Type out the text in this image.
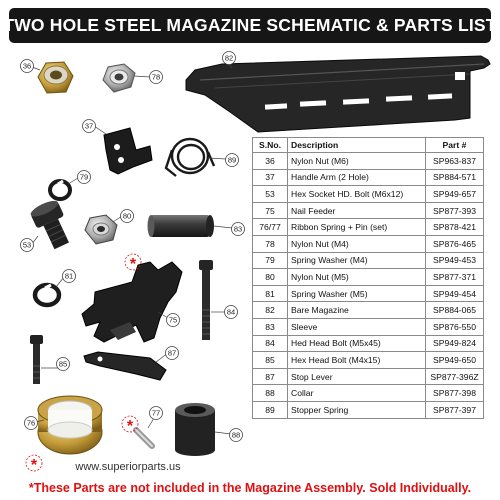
TWO HOLE STEEL MAGAZINE SCHEMATIC & PARTS LIST
36
78
82
37
89
79
80
53
83
81
75
84
85
87
76
77
88
*
*
*
S.No.	Description	Part #
36	Nylon Nut (M6)	SP963-837
37	Handle Arm (2 Hole)	SP884-571
53	Hex Socket HD. Bolt (M6x12)	SP949-657
75	Nail Feeder	SP877-393
76/77	Ribbon Spring + Pin (set)	SP878-421
78	Nylon Nut (M4)	SP876-465
79	Spring Washer (M4)	SP949-453
80	Nylon Nut (M5)	SP877-371
81	Spring Washer (M5)	SP949-454
82	Bare Magazine	SP884-065
83	Sleeve	SP876-550
84	Hed Head Bolt (M5x45)	SP949-824
85	Hex Head Bolt (M4x15)	SP949-650
87	Stop Lever	SP877-396Z
88	Collar	SP877-398
89	Stopper Spring	SP877-397
www.superiorparts.us
*These Parts are not included in the Magazine Assembly. Sold Individually.
